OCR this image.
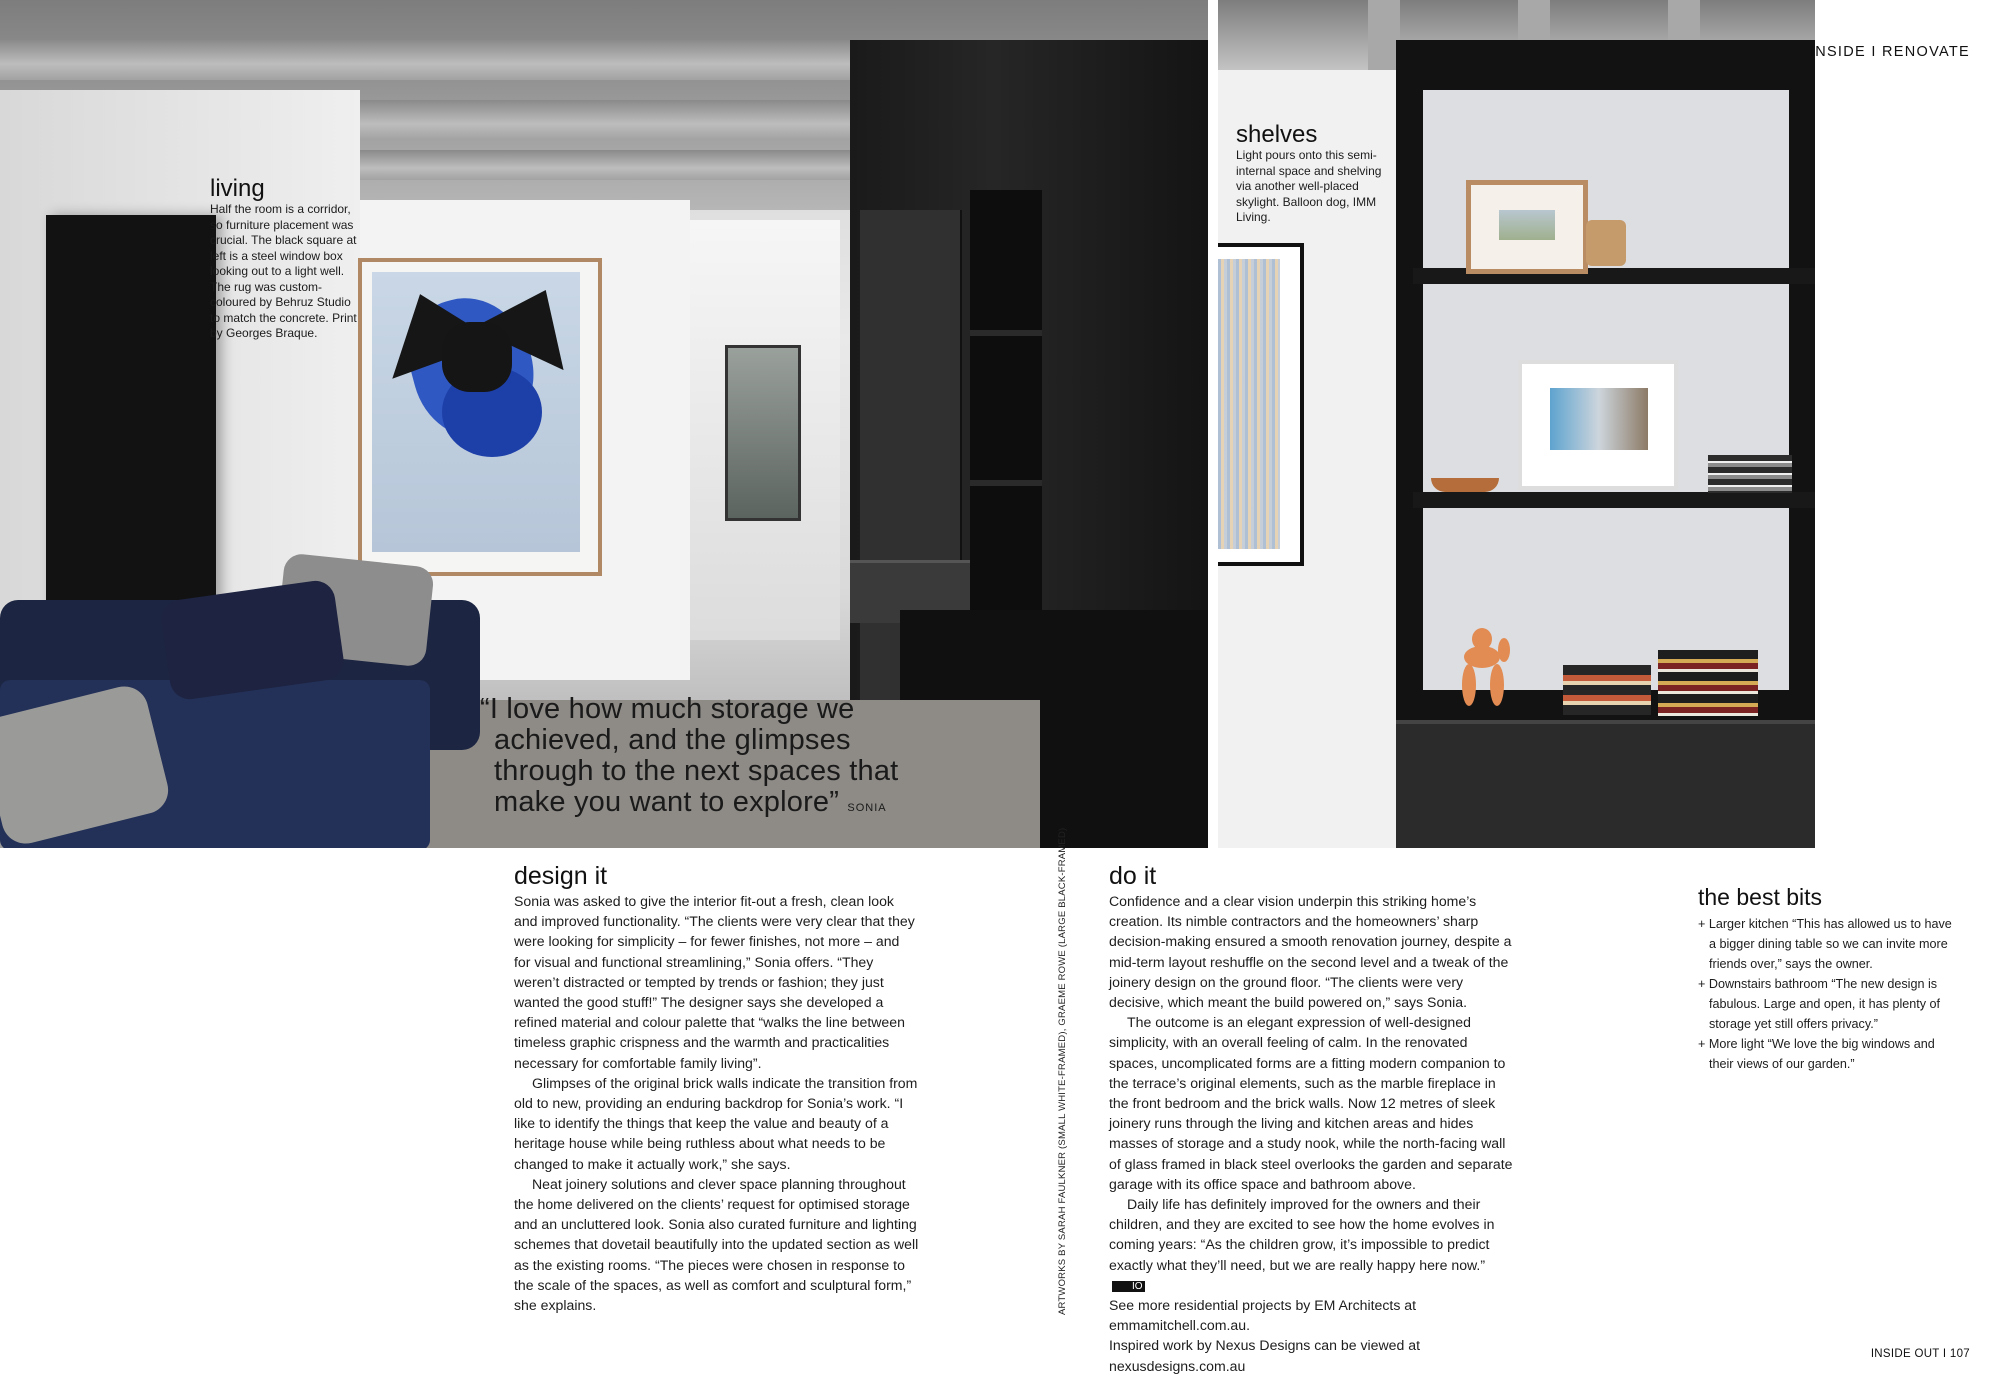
living
Half the room is a corridor, so furniture placement was crucial. The black square at left is a steel window box looking out to a light well. The rug was custom-coloured by Behruz Studio to match the concrete. Print by Georges Braque.
shelves
Light pours onto this semi-internal space and shelving via another well-placed skylight. Balloon dog, IMM Living.
“I love how much storage we
achieved, and the glimpses
through to the next spaces that
make you want to explore” SONIA
INSIDE I RENOVATE
INSIDE OUT I 107
ARTWORKS BY SARAH FAULKNER (SMALL WHITE-FRAMED), GRAEME ROWE (LARGE BLACK-FRAMED)
design it

Sonia was asked to give the interior fit-out a fresh, clean look and improved functionality. “The clients were very clear that they were looking for simplicity – for fewer finishes, not more – and for visual and functional streamlining,” Sonia offers. “They weren’t distracted or tempted by trends or fashion; they just wanted the good stuff!” The designer says she developed a refined material and colour palette that “walks the line between timeless graphic crispness and the warmth and practicalities necessary for comfortable family living”.

Glimpses of the original brick walls indicate the transition from old to new, providing an enduring backdrop for Sonia’s work. “I like to identify the things that keep the value and beauty of a heritage house while being ruthless about what needs to be changed to make it actually work,” she says.

Neat joinery solutions and clever space planning throughout the home delivered on the clients’ request for optimised storage and an uncluttered look. Sonia also curated furniture and lighting schemes that dovetail beautifully into the updated section as well as the existing rooms. “The pieces were chosen in response to the scale of the spaces, as well as comfort and sculptural form,” she explains.

do it

Confidence and a clear vision underpin this striking home’s creation. Its nimble contractors and the homeowners’ sharp decision-making ensured a smooth renovation journey, despite a mid-term layout reshuffle on the second level and a tweak of the joinery design on the ground floor. “The clients were very decisive, which meant the build powered on,” says Sonia.

The outcome is an elegant expression of well-designed simplicity, with an overall feeling of calm. In the renovated spaces, uncomplicated forms are a fitting modern companion to the terrace’s original elements, such as the marble fireplace in the front bedroom and the brick walls. Now 12 metres of sleek joinery runs through the living and kitchen areas and hides masses of storage and a study nook, while the north-facing wall of glass framed in black steel overlooks the garden and separate garage with its office space and bathroom above.

Daily life has definitely improved for the owners and their children, and they are excited to see how the home evolves in coming years: “As the children grow, it’s impossible to predict exactly what they’ll need, but we are really happy here now.”IO

See more residential projects by EM Architects at emmamitchell.com.au.

Inspired work by Nexus Designs can be viewed at nexusdesigns.com.au

the best bits
+ Larger kitchen “This has allowed us to have a bigger dining table so we can invite more friends over,” says the owner.
+ Downstairs bathroom “The new design is fabulous. Large and open, it has plenty of storage yet still offers privacy.”
+ More light “We love the big windows and their views of our garden.”
